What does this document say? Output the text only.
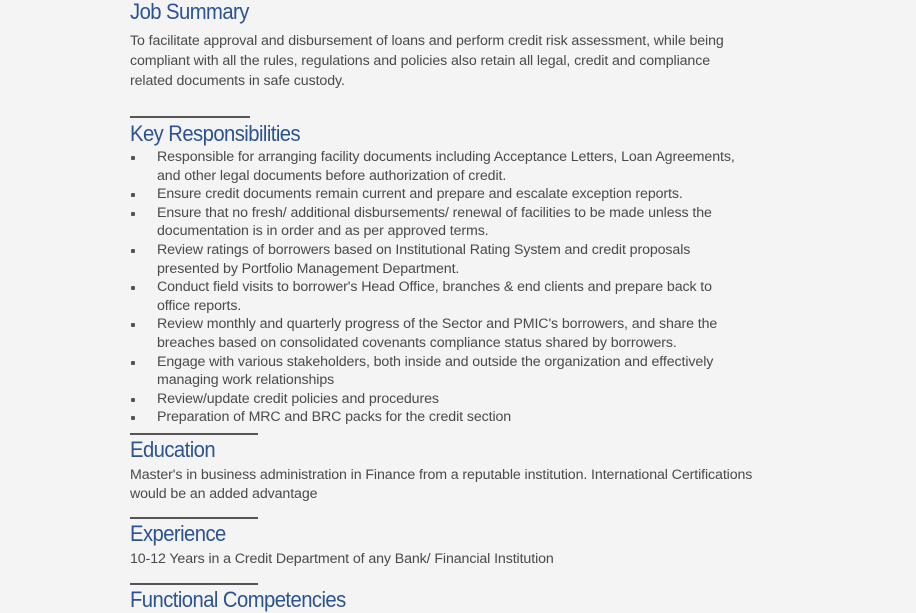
Job Summary
To facilitate approval and disbursement of loans and perform credit risk assessment, while being
compliant with all the rules, regulations and policies also retain all legal, credit and compliance
related documents in safe custody.
Key Responsibilities
Responsible for arranging facility documents including Acceptance Letters, Loan Agreements,
and other legal documents before authorization of credit.
Ensure credit documents remain current and prepare and escalate exception reports.
Ensure that no fresh/ additional disbursements/ renewal of facilities to be made unless the
documentation is in order and as per approved terms.
Review ratings of borrowers based on Institutional Rating System and credit proposals
presented by Portfolio Management Department.
Conduct field visits to borrower's Head Office, branches & end clients and prepare back to
office reports.
Review monthly and quarterly progress of the Sector and PMIC's borrowers, and share the
breaches based on consolidated covenants compliance status shared by borrowers.
Engage with various stakeholders, both inside and outside the organization and effectively
managing work relationships
Review/update credit policies and procedures
Preparation of MRC and BRC packs for the credit section
Education
Master's in business administration in Finance from a reputable institution. International Certifications
would be an added advantage
Experience
10-12 Years in a Credit Department of any Bank/ Financial Institution
Functional Competencies
